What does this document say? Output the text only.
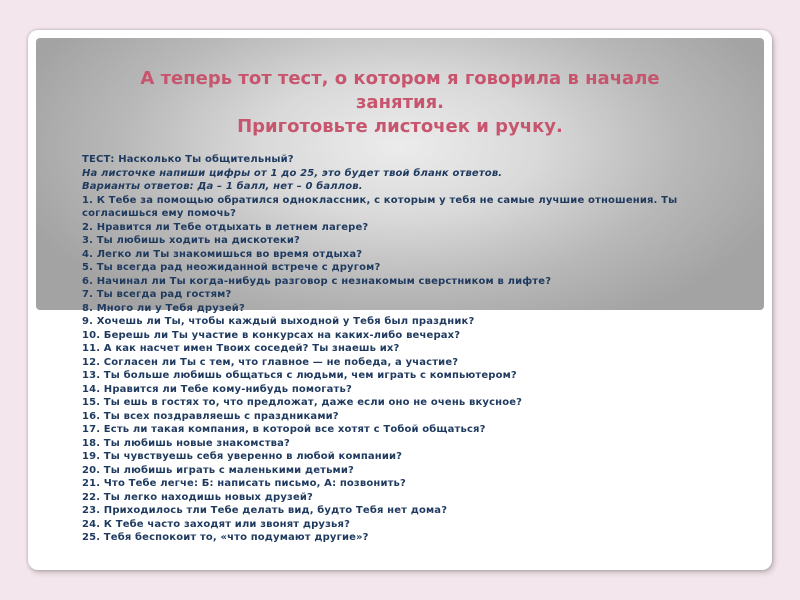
А теперь тот тест, о котором я говорила в начале
занятия.
Приготовьте листочек и ручку.
ТЕСТ: Насколько Ты общительный?
На листочке напиши цифры от 1 до 25, это будет твой бланк ответов.
Варианты ответов: Да – 1 балл, нет – 0 баллов.
1. К Тебе за помощью обратился одноклассник, с которым у тебя не самые лучшие отношения. Ты согласишься ему помочь?
2. Нравится ли Тебе отдыхать в летнем лагере?
3. Ты любишь ходить на дискотеки?
4. Легко ли Ты знакомишься во время отдыха?
5. Ты всегда рад неожиданной встрече с другом?
6. Начинал ли Ты когда-нибудь разговор с незнакомым сверстником в лифте?
7. Ты всегда рад гостям?
8. Много ли у Тебя друзей?
9. Хочешь ли Ты, чтобы каждый выходной у Тебя был праздник?
10. Берешь ли Ты участие в конкурсах на каких-либо вечерах?
11. А как насчет имен Твоих соседей? Ты знаешь их?
12. Согласен ли Ты с тем, что главное — не победа, а участие?
13. Ты больше любишь общаться с людьми, чем играть с компьютером?
14. Нравится ли Тебе кому-нибудь помогать?
15. Ты ешь в гостях то, что предложат, даже если оно не очень вкусное?
16. Ты всех поздравляешь с праздниками?
17. Есть ли такая компания, в которой все хотят с Тобой общаться?
18. Ты любишь новые знакомства?
19. Ты чувствуешь себя уверенно в любой компании?
20. Ты любишь играть с маленькими детьми?
21. Что Тебе легче: Б: написать письмо, А: позвонить?
22. Ты легко находишь новых друзей?
23. Приходилось тли Тебе делать вид, будто Тебя нет дома?
24. К Тебе часто заходят или звонят друзья?
25. Тебя беспокоит то, «что подумают другие»?
